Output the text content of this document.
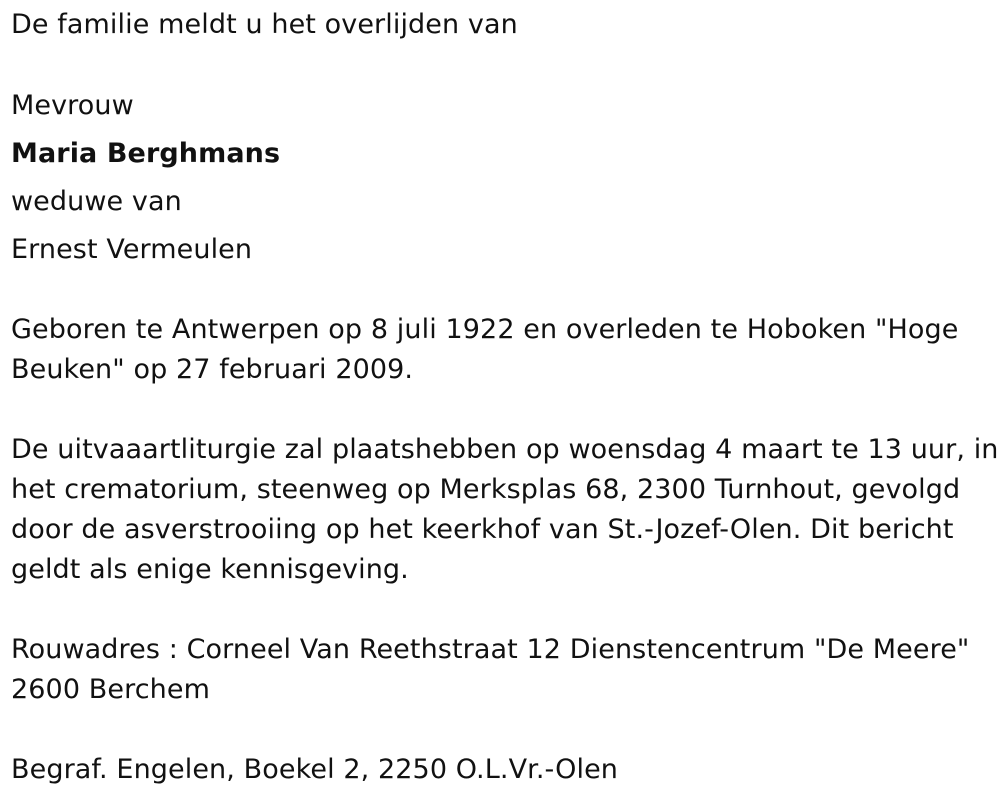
De familie meldt u het overlijden van
Mevrouw
Maria Berghmans
weduwe van
Ernest Vermeulen
Geboren te Antwerpen op 8 juli 1922 en overleden te Hoboken "Hoge
Beuken" op 27 februari 2009.
De uitvaaartliturgie zal plaatshebben op woensdag 4 maart te 13 uur, in
het crematorium, steenweg op Merksplas 68, 2300 Turnhout, gevolgd
door de asverstrooiing op het keerkhof van St.-Jozef-Olen. Dit bericht
geldt als enige kennisgeving.
Rouwadres : Corneel Van Reethstraat 12 Dienstencentrum "De Meere"
2600 Berchem
Begraf. Engelen, Boekel 2, 2250 O.L.Vr.-Olen
